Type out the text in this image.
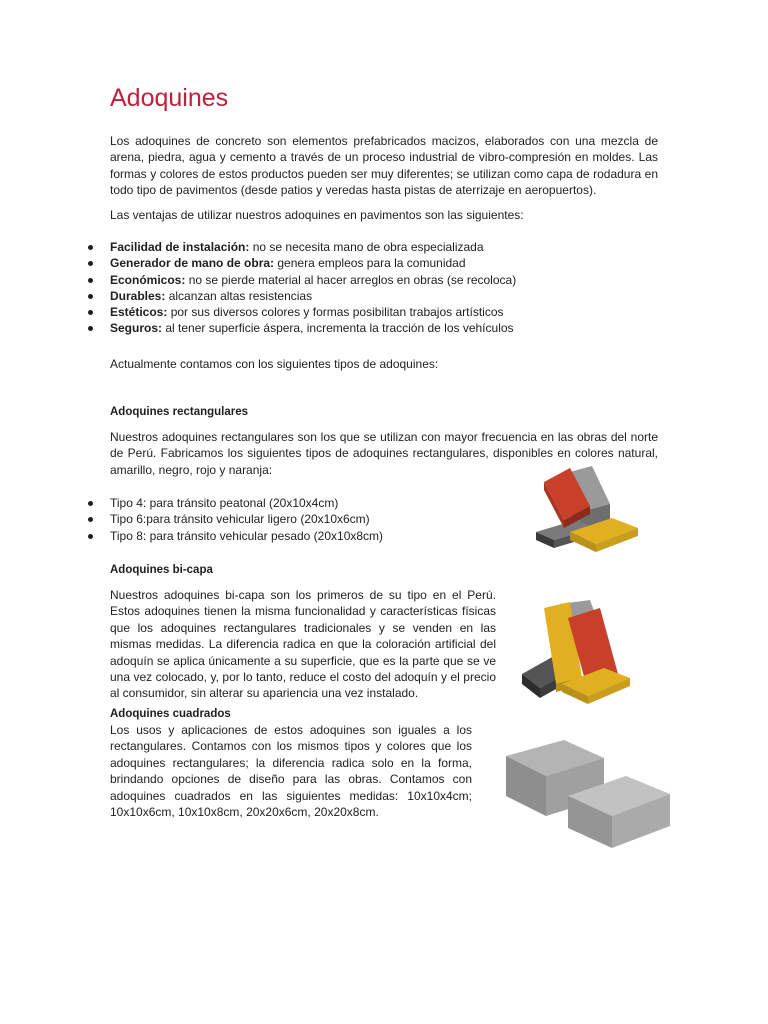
Adoquines

Los adoquines de concreto son elementos prefabricados macizos, elaborados con una mezcla de arena, piedra, agua y cemento a través de un proceso industrial de vibro-compresión en moldes. Las formas y colores de estos productos pueden ser muy diferentes; se utilizan como capa de rodadura en todo tipo de pavimentos (desde patios y veredas hasta pistas de aterrizaje en aeropuertos).

Las ventajas de utilizar nuestros adoquines en pavimentos son las siguientes:

Facilidad de instalación: no se necesita mano de obra especializada
Generador de mano de obra: genera empleos para la comunidad
Económicos: no se pierde material al hacer arreglos en obras (se recoloca)
Durables: alcanzan altas resistencias
Estéticos: por sus diversos colores y formas posibilitan trabajos artísticos
Seguros: al tener superficie áspera, incrementa la tracción de los vehículos

Actualmente contamos con los siguientes tipos de adoquines:

Adoquines rectangulares

Nuestros adoquines rectangulares son los que se utilizan con mayor frecuencia en las obras del norte de Perú. Fabricamos los siguientes tipos de adoquines rectangulares, disponibles en colores natural, amarillo, negro, rojo y naranja:

Tipo 4: para tránsito peatonal (20x10x4cm)
Tipo 6:para tránsito vehicular ligero (20x10x6cm)
Tipo 8: para tránsito vehicular pesado (20x10x8cm)
Adoquines bi-capa

Nuestros adoquines bi-capa son los primeros de su tipo en el Perú. Estos adoquines tienen la misma funcionalidad y características físicas que los adoquines rectangulares tradicionales y se venden en las mismas medidas. La diferencia radica en que la coloración artificial del adoquín se aplica únicamente a su superficie, que es la parte que se ve una vez colocado, y, por lo tanto, reduce el costo del adoquín y el precio al consumidor, sin alterar su apariencia una vez instalado.

Adoquines cuadrados

Los usos y aplicaciones de estos adoquines son iguales a los rectangulares. Contamos con los mismos tipos y colores que los adoquines rectangulares; la diferencia radica solo en la forma, brindando opciones de diseño para las obras. Contamos con adoquines cuadrados en las siguientes medidas: 10x10x4cm; 10x10x6cm, 10x10x8cm, 20x20x6cm, 20x20x8cm.
